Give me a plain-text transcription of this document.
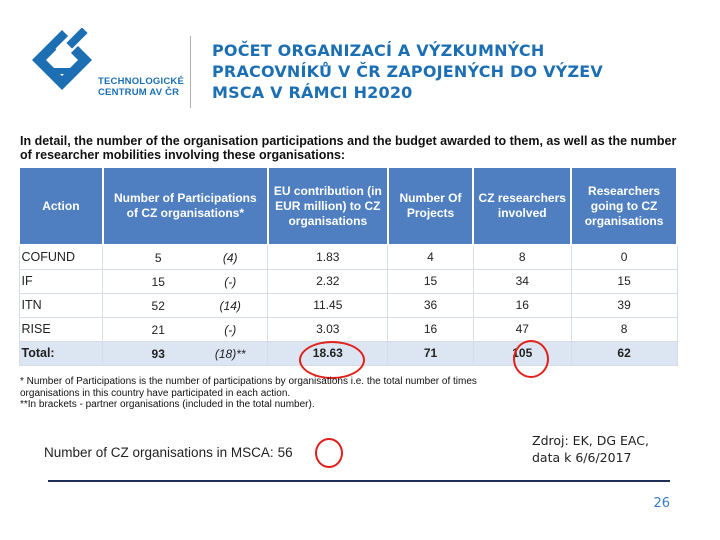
TECHNOLOGICKÉ
CENTRUM AV ČR
POČET ORGANIZACÍ A VÝZKUMNÝCH
PRACOVNÍKŮ V ČR ZAPOJENÝCH DO VÝZEV
MSCA V RÁMCI H2020
In detail, the number of the organisation participations and the budget awarded to them, as well as the number of researcher mobilities involving these organisations:
Action	Number of Participations of CZ organisations*	EU contribution (in EUR million) to CZ organisations	Number Of Projects	CZ researchers involved	Researchers going to CZ organisations
COFUND	5 (4)	1.83	4	8	0
IF	15 (-)	2.32	15	34	15
ITN	52 (14)	11.45	36	16	39
RISE	21 (-)	3.03	16	47	8
Total:	93 (18)**	18.63	71	105	62
* Number of Participations is the number of participations by organisations i.e. the total number of times
organisations in this country have participated in each action.
**In brackets - partner organisations (included in the total number).
Number of CZ organisations in MSCA: 56
Zdroj: EK, DG EAC,
data k 6/6/2017
26
